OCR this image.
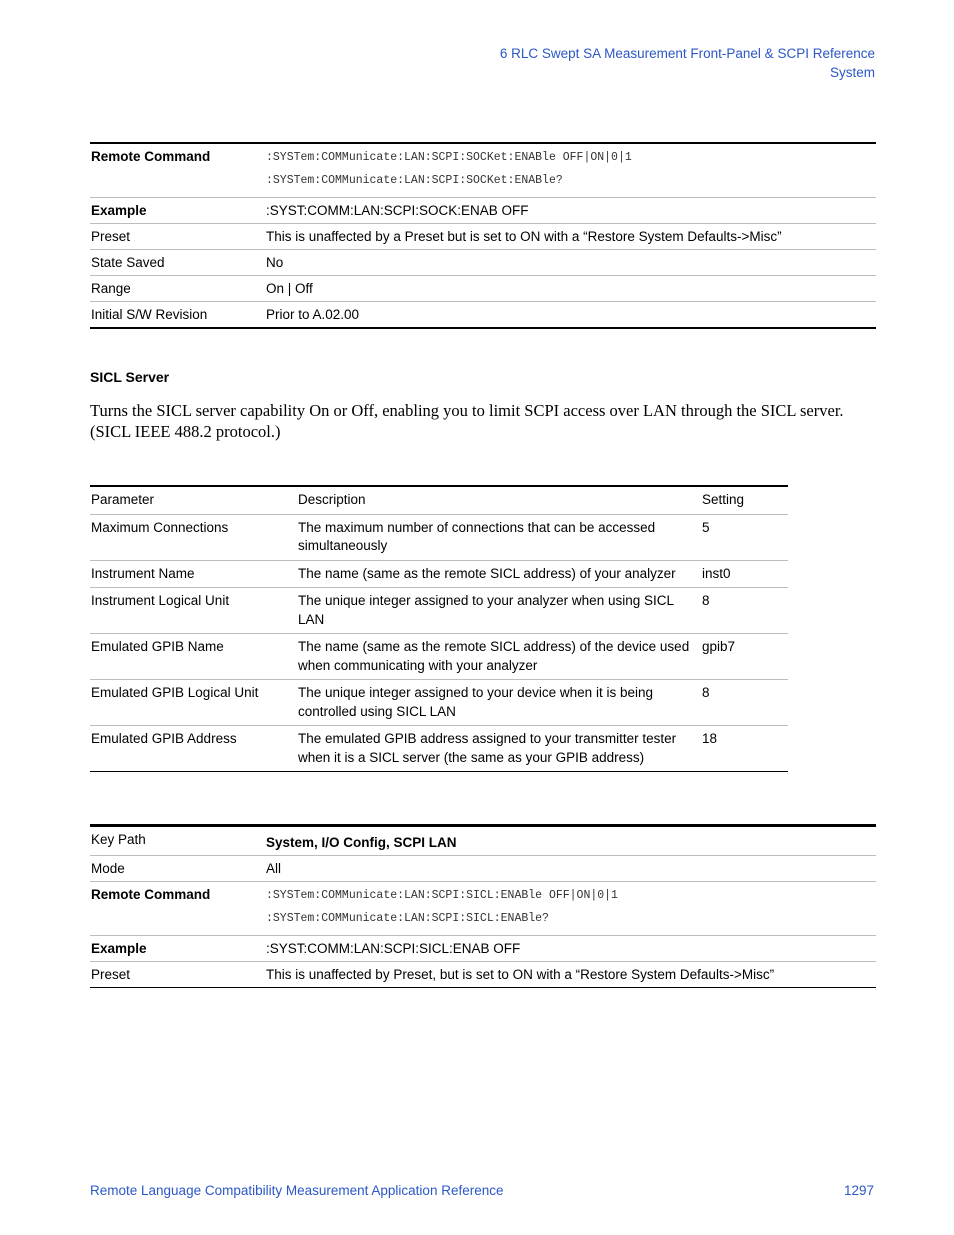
6 RLC Swept SA Measurement Front-Panel & SCPI Reference
System
Remote Command	:SYSTem:COMMunicate:LAN:SCPI:SOCKet:ENABle OFF|ON|0|1
:SYSTem:COMMunicate:LAN:SCPI:SOCKet:ENABle?

Example	:SYST:COMM:LAN:SCPI:SOCK:ENAB OFF

Preset	This is unaffected by a Preset but is set to ON with a “Restore System Defaults->Misc”

State Saved	No

Range	On | Off

Initial S/W Revision	Prior to A.02.00
SICL Server
Turns the SICL server capability On or Off, enabling you to limit SCPI access over LAN through the SICL server. (SICL IEEE 488.2 protocol.)
Parameter	Description	Setting

Maximum Connections	The maximum number of connections that can be accessed simultaneously	5

Instrument Name	The name (same as the remote SICL address) of your analyzer	inst0

Instrument Logical Unit	The unique integer assigned to your analyzer when using SICL LAN	8

Emulated GPIB Name	The name (same as the remote SICL address) of the device used when communicating with your analyzer	gpib7

Emulated GPIB Logical Unit	The unique integer assigned to your device when it is being controlled using SICL LAN	8

Emulated GPIB Address	The emulated GPIB address assigned to your transmitter tester when it is a SICL server (the same as your GPIB address)	18
Key Path	System, I/O Config, SCPI LAN

Mode	All

Remote Command	:SYSTem:COMMunicate:LAN:SCPI:SICL:ENABle OFF|ON|0|1
:SYSTem:COMMunicate:LAN:SCPI:SICL:ENABle?

Example	:SYST:COMM:LAN:SCPI:SICL:ENAB OFF

Preset	This is unaffected by Preset, but is set to ON with a “Restore System Defaults->Misc”
Remote Language Compatibility Measurement Application Reference	1297
